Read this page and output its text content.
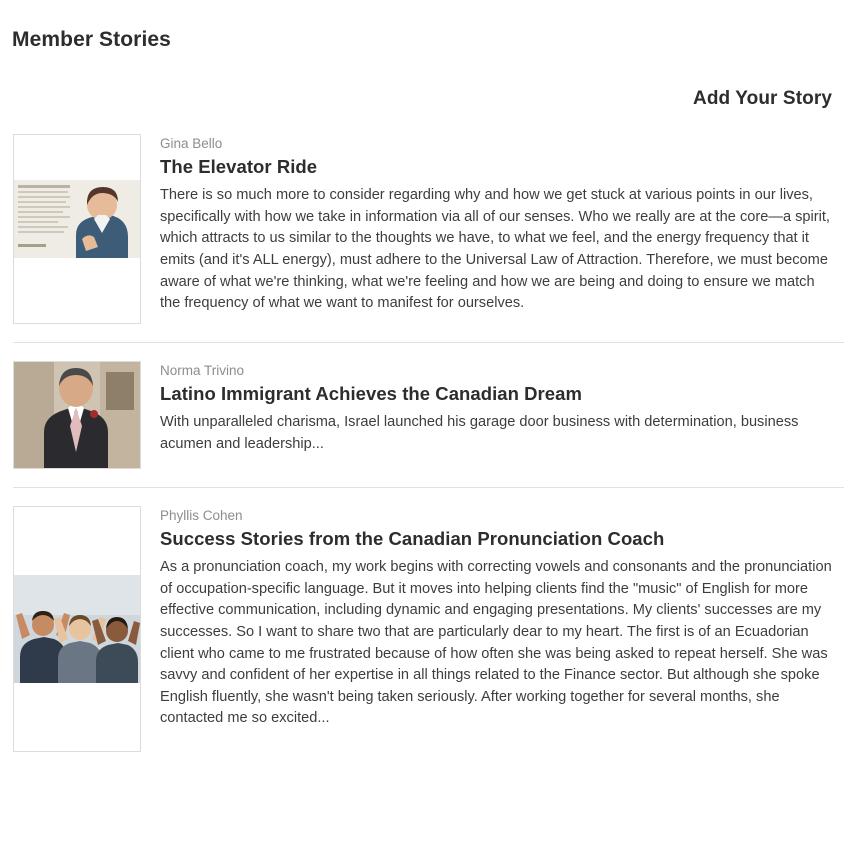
Member Stories
Add Your Story
Gina Bello
The Elevator Ride

There is so much more to consider regarding why and how we get stuck at various points in our lives, specifically with how we take in information via all of our senses. Who we really are at the core—a spirit, which attracts to us similar to the thoughts we have, to what we feel, and the energy frequency that it emits (and it's ALL energy), must adhere to the Universal Law of Attraction. Therefore, we must become aware of what we're thinking, what we're feeling and how we are being and doing to ensure we match the frequency of what we want to manifest for ourselves.

Norma Trivino
Latino Immigrant Achieves the Canadian Dream

With unparalleled charisma, Israel launched his garage door business with determination, business acumen and leadership...

Phyllis Cohen
Success Stories from the Canadian Pronunciation Coach

As a pronunciation coach, my work begins with correcting vowels and consonants and the pronunciation of occupation-specific language. But it moves into helping clients find the "music" of English for more effective communication, including dynamic and engaging presentations. My clients' successes are my successes. So I want to share two that are particularly dear to my heart. The first is of an Ecuadorian client who came to me frustrated because of how often she was being asked to repeat herself. She was savvy and confident of her expertise in all things related to the Finance sector. But although she spoke English fluently, she wasn't being taken seriously. After working together for several months, she contacted me so excited...
